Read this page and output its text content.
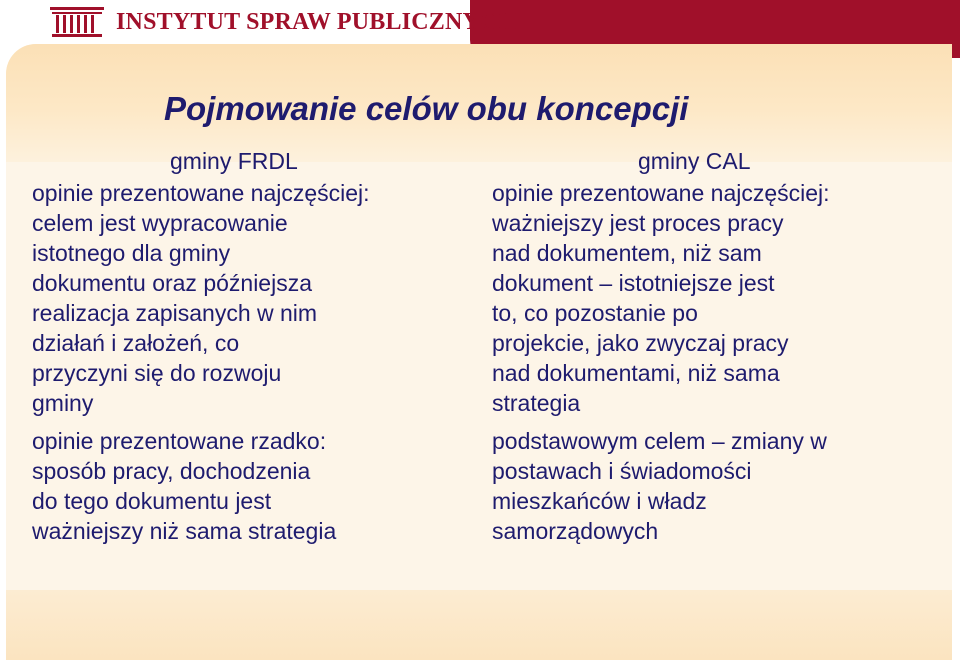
INSTYTUT SPRAW PUBLICZNYCH
Pojmowanie celów obu koncepcji
gminy FRDL
opinie prezentowane najczęściej:
celem jest wypracowanie
istotnego dla gminy
dokumentu oraz późniejsza
realizacja zapisanych w nim
działań i założeń, co
przyczyni się do rozwoju
gminy
opinie prezentowane rzadko:
sposób pracy, dochodzenia
do tego dokumentu jest
ważniejszy niż sama strategia
gminy CAL
opinie prezentowane najczęściej:
ważniejszy jest proces pracy
nad dokumentem, niż sam
dokument – istotniejsze jest
to, co pozostanie po
projekcie, jako zwyczaj pracy
nad dokumentami, niż sama
strategia
podstawowym celem – zmiany w
postawach i świadomości
mieszkańców i władz
samorządowych
